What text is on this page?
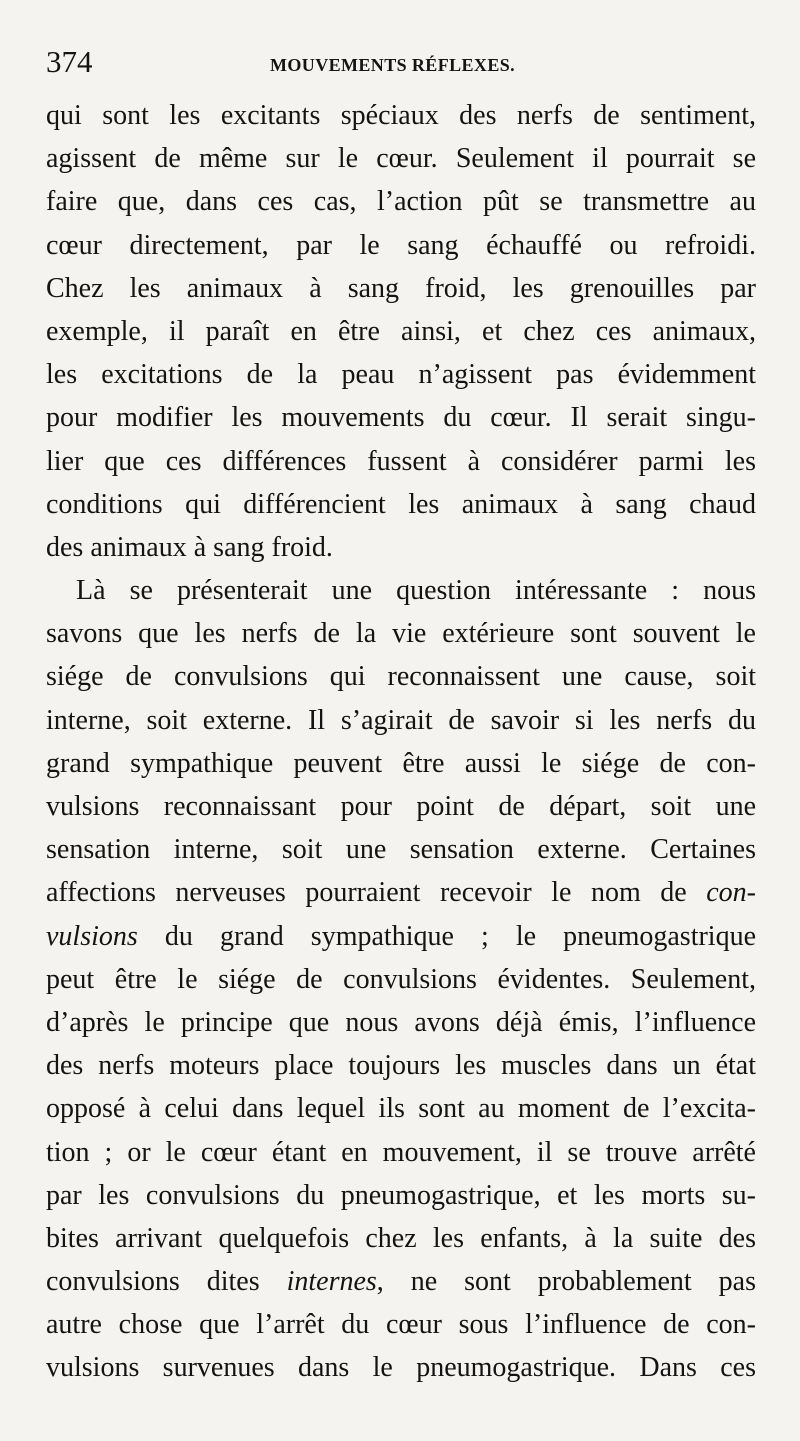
374	MOUVEMENTS RÉFLEXES.
qui sont les excitants spéciaux des nerfs de sentiment,
agissent de même sur le cœur. Seulement il pourrait se
faire que, dans ces cas, l’action pût se transmettre au
cœur directement, par le sang échauffé ou refroidi.
Chez les animaux à sang froid, les grenouilles par
exemple, il paraît en être ainsi, et chez ces animaux,
les excitations de la peau n’agissent pas évidemment
pour modifier les mouvements du cœur. Il serait singu-
lier que ces différences fussent à considérer parmi les
conditions qui différencient les animaux à sang chaud
des animaux à sang froid.
Là se présenterait une question intéressante : nous
savons que les nerfs de la vie extérieure sont souvent le
siége de convulsions qui reconnaissent une cause, soit
interne, soit externe. Il s’agirait de savoir si les nerfs du
grand sympathique peuvent être aussi le siége de con-
vulsions reconnaissant pour point de départ, soit une
sensation interne, soit une sensation externe. Certaines
affections nerveuses pourraient recevoir le nom de con-
vulsions du grand sympathique ; le pneumogastrique
peut être le siége de convulsions évidentes. Seulement,
d’après le principe que nous avons déjà émis, l’influence
des nerfs moteurs place toujours les muscles dans un état
opposé à celui dans lequel ils sont au moment de l’excita-
tion ; or le cœur étant en mouvement, il se trouve arrêté
par les convulsions du pneumogastrique, et les morts su-
bites arrivant quelquefois chez les enfants, à la suite des
convulsions dites internes, ne sont probablement pas
autre chose que l’arrêt du cœur sous l’influence de con-
vulsions survenues dans le pneumogastrique. Dans ces
